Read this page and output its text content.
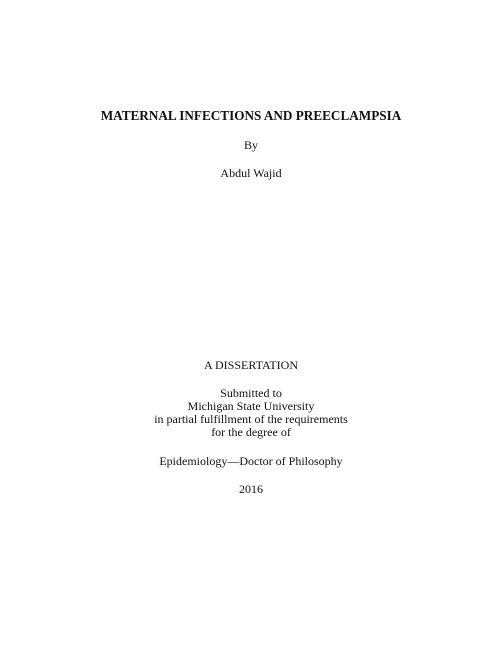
MATERNAL INFECTIONS AND PREECLAMPSIA
By
Abdul Wajid
A DISSERTATION
Submitted to
Michigan State University
in partial fulfillment of the requirements
for the degree of
Epidemiology—Doctor of Philosophy
2016
